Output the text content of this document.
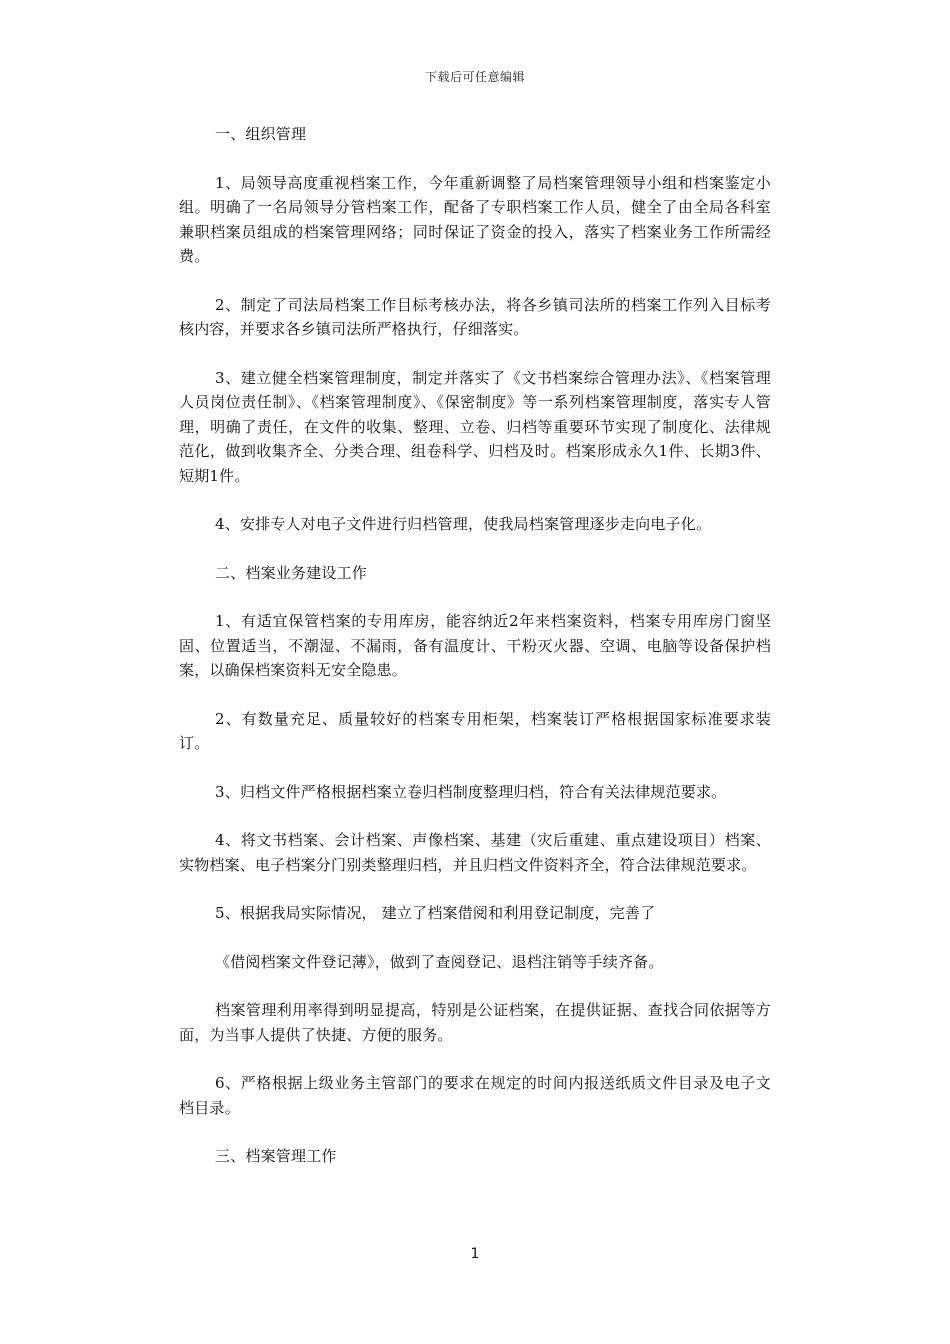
下载后可任意编辑

一、组织管理

1、局领导高度重视档案工作，今年重新调整了局档案管理领导小组和档案鉴定小组。明确了一名局领导分管档案工作，配备了专职档案工作人员，健全了由全局各科室兼职档案员组成的档案管理网络；同时保证了资金的投入，落实了档案业务工作所需经费。

2、制定了司法局档案工作目标考核办法，将各乡镇司法所的档案工作列入目标考核内容，并要求各乡镇司法所严格执行，仔细落实。

3、建立健全档案管理制度，制定并落实了《文书档案综合管理办法》、《档案管理人员岗位责任制》、《档案管理制度》、《保密制度》等一系列档案管理制度，落实专人管理，明确了责任，在文件的收集、整理、立卷、归档等重要环节实现了制度化、法律规范化，做到收集齐全、分类合理、组卷科学、归档及时。档案形成永久1件、长期3件、短期1件。

4、安排专人对电子文件进行归档管理，使我局档案管理逐步走向电子化。

二、档案业务建设工作

1、有适宜保管档案的专用库房，能容纳近2年来档案资料，档案专用库房门窗坚固、位置适当，不潮湿、不漏雨，备有温度计、干粉灭火器、空调、电脑等设备保护档案，以确保档案资料无安全隐患。

2、有数量充足、质量较好的档案专用柜架，档案装订严格根据国家标准要求装订。

3、归档文件严格根据档案立卷归档制度整理归档，符合有关法律规范要求。

4、将文书档案、会计档案、声像档案、基建（灾后重建、重点建设项目）档案、实物档案、电子档案分门别类整理归档，并且归档文件资料齐全，符合法律规范要求。

5、根据我局实际情况， 建立了档案借阅和利用登记制度，完善了

《借阅档案文件登记薄》，做到了查阅登记、退档注销等手续齐备。

档案管理利用率得到明显提高，特别是公证档案，在提供证据、查找合同依据等方面，为当事人提供了快捷、方便的服务。

6、严格根据上级业务主管部门的要求在规定的时间内报送纸质文件目录及电子文档目录。

三、档案管理工作

1
